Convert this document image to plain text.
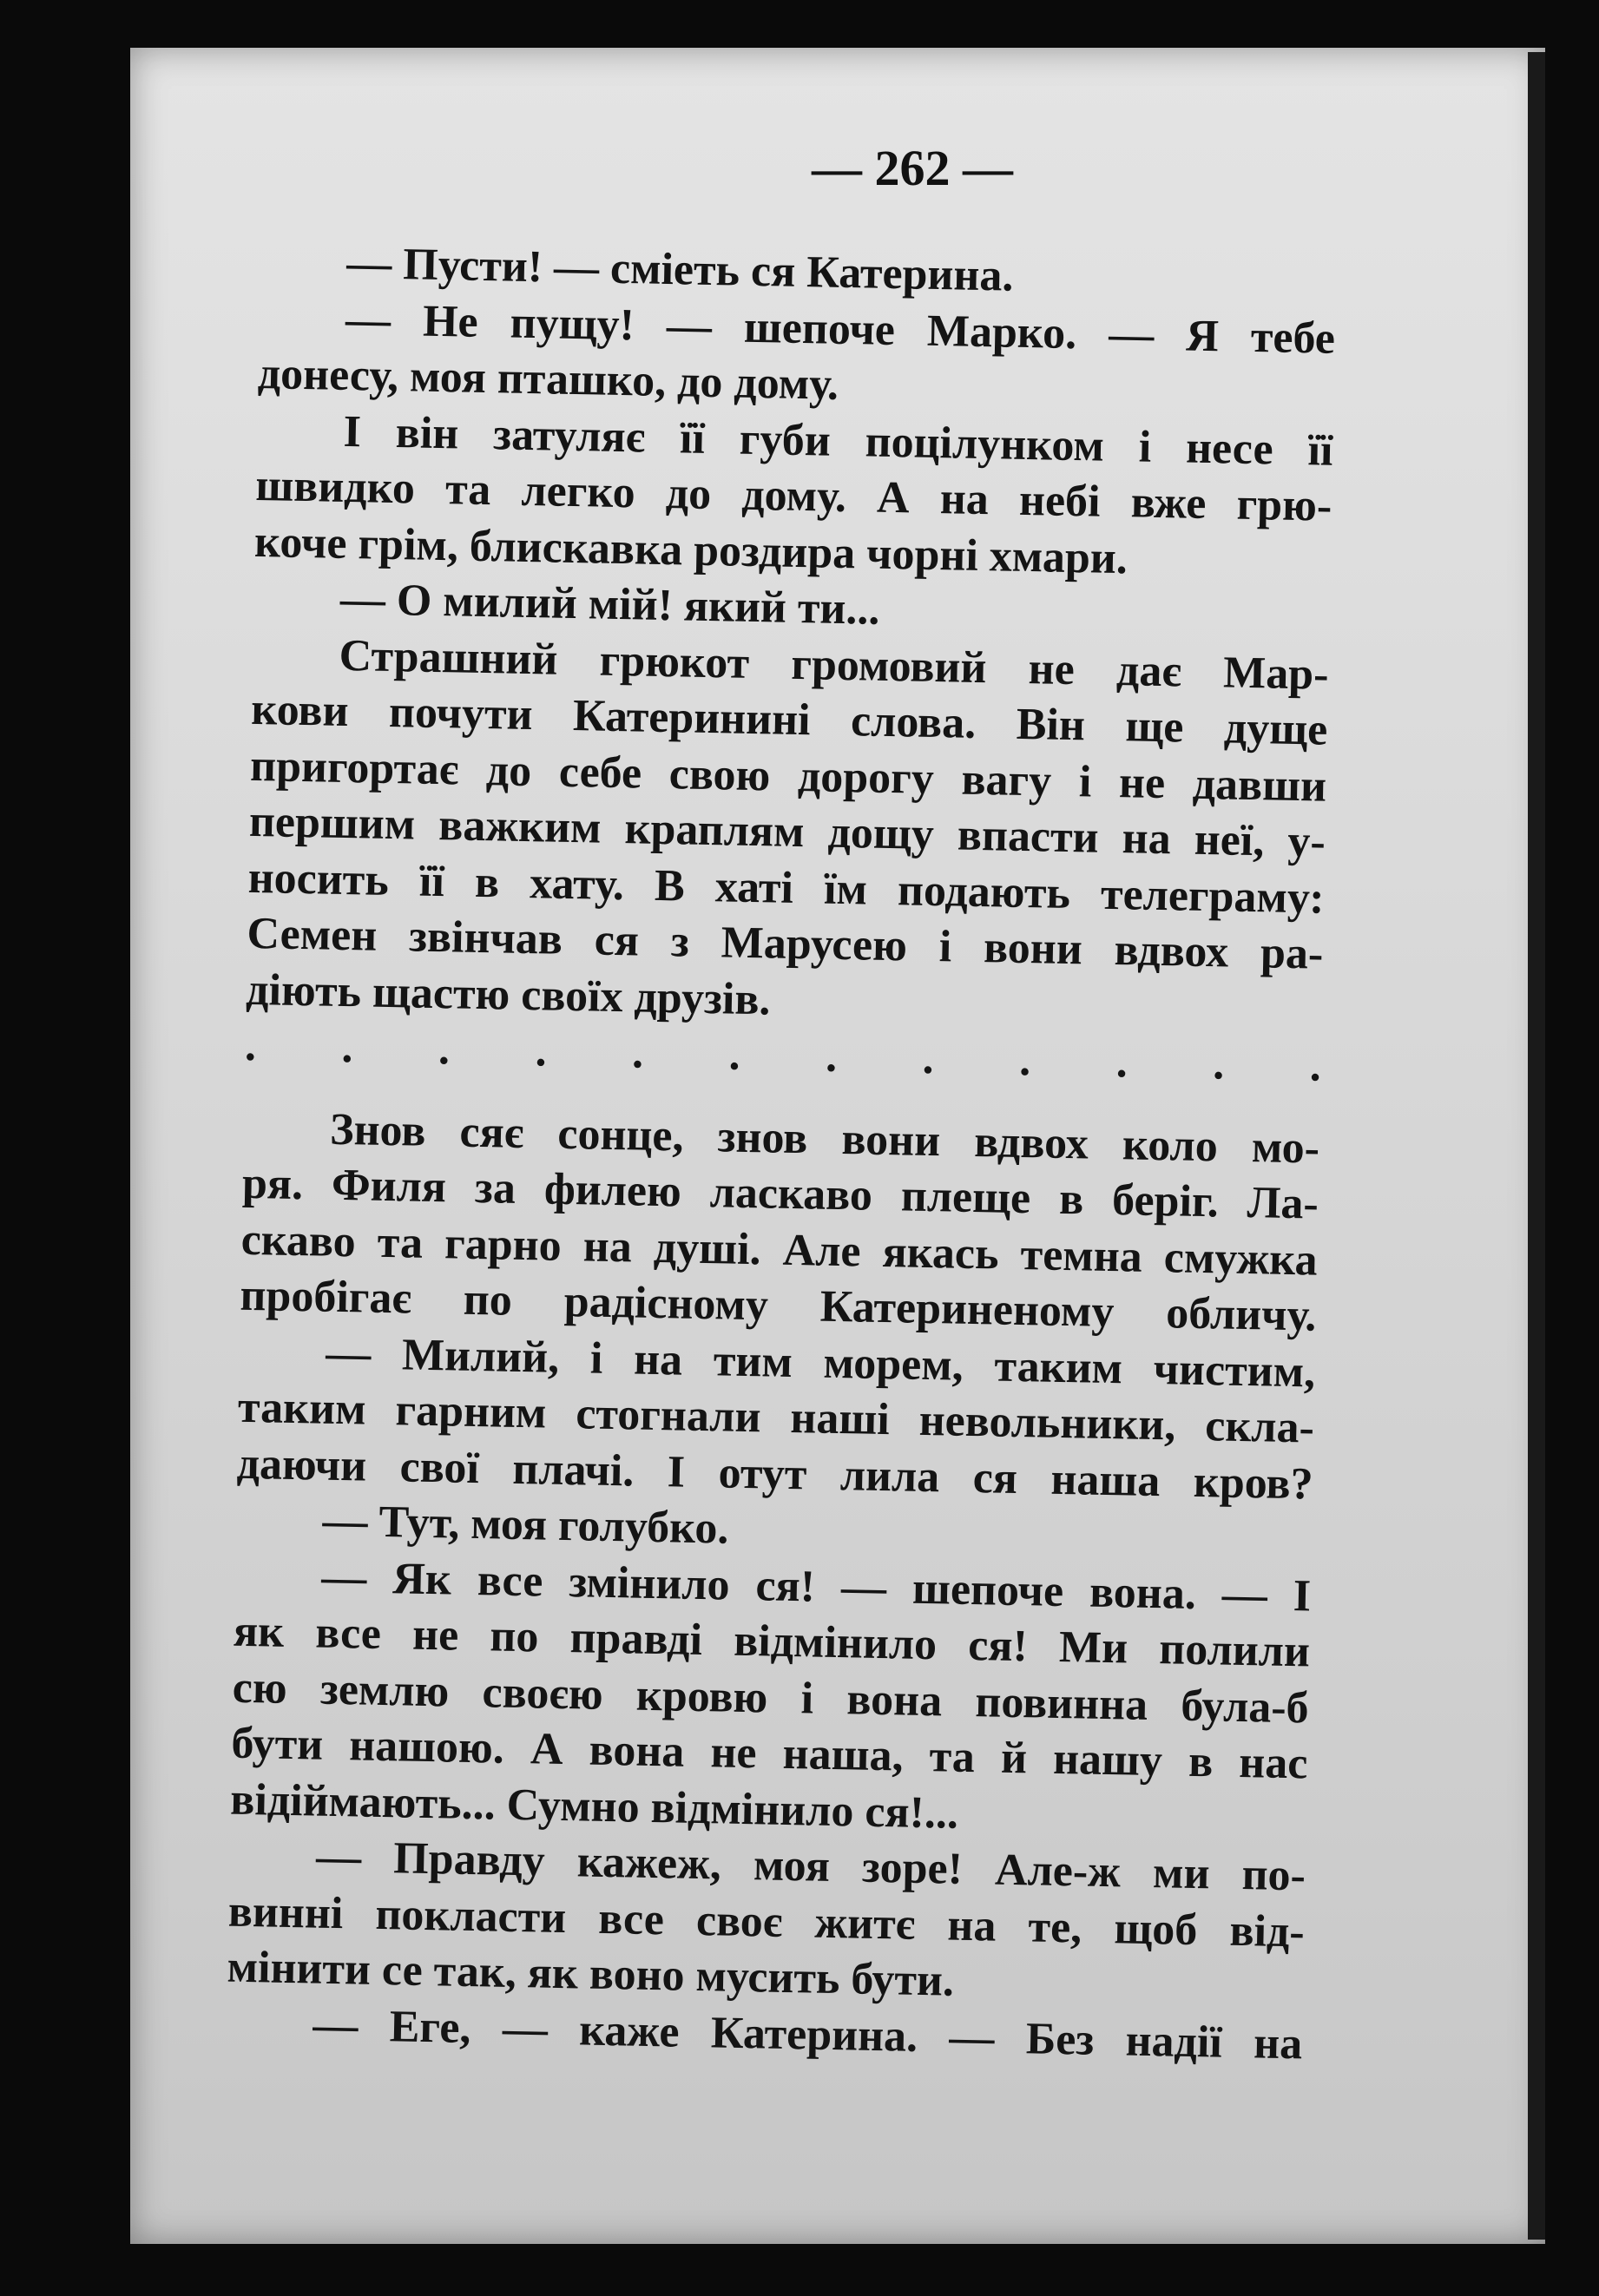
— 262 —
— Пусти! — сміеть ся Катерина.
— Не пущу! — шепоче Марко. — Я тебе
донесу, моя пташко, до дому.
І він затуляє її губи поцілунком і несе її
швидко та легко до дому. А на небі вже грю-
коче грім, блискавка роздира чорні хмари.
— О милий мій! який ти...
Страшний грюкот громовий не дає Мар-
кови почути Катеринині слова. Він ще дуще
пригортає до себе свою дорогу вагу і не давши
першим важким краплям дощу впасти на неї, у-
носить її в хату. В хаті їм подають телеграму:
Семен звінчав ся з Марусею і вони вдвох ра-
діють щастю своїх друзів.
. . . . . . . . . . . .
Знов сяє сонце, знов вони вдвох коло мо-
ря. Филя за филею ласкаво плеще в беріг. Ла-
скаво та гарно на душі. Але якась темна смужка
пробігає по радісному Катериненому обличу.
— Милий, і на тим морем, таким чистим,
таким гарним стогнали наші невольники, скла-
даючи свої плачі. І отут лила ся наша кров?
— Тут, моя голубко.
— Як все змінило ся! — шепоче вона. — І
як все не по правді відмінило ся! Ми полили
сю землю своєю кровю і вона повинна була-б
бути нашою. А вона не наша, та й нашу в нас
відіймають... Сумно відмінило ся!...
— Правду кажеж, моя зоре! Але-ж ми по-
винні покласти все своє житє на те, щоб від-
мінити се так, як воно мусить бути.
— Еге, — каже Катерина. — Без надії на
